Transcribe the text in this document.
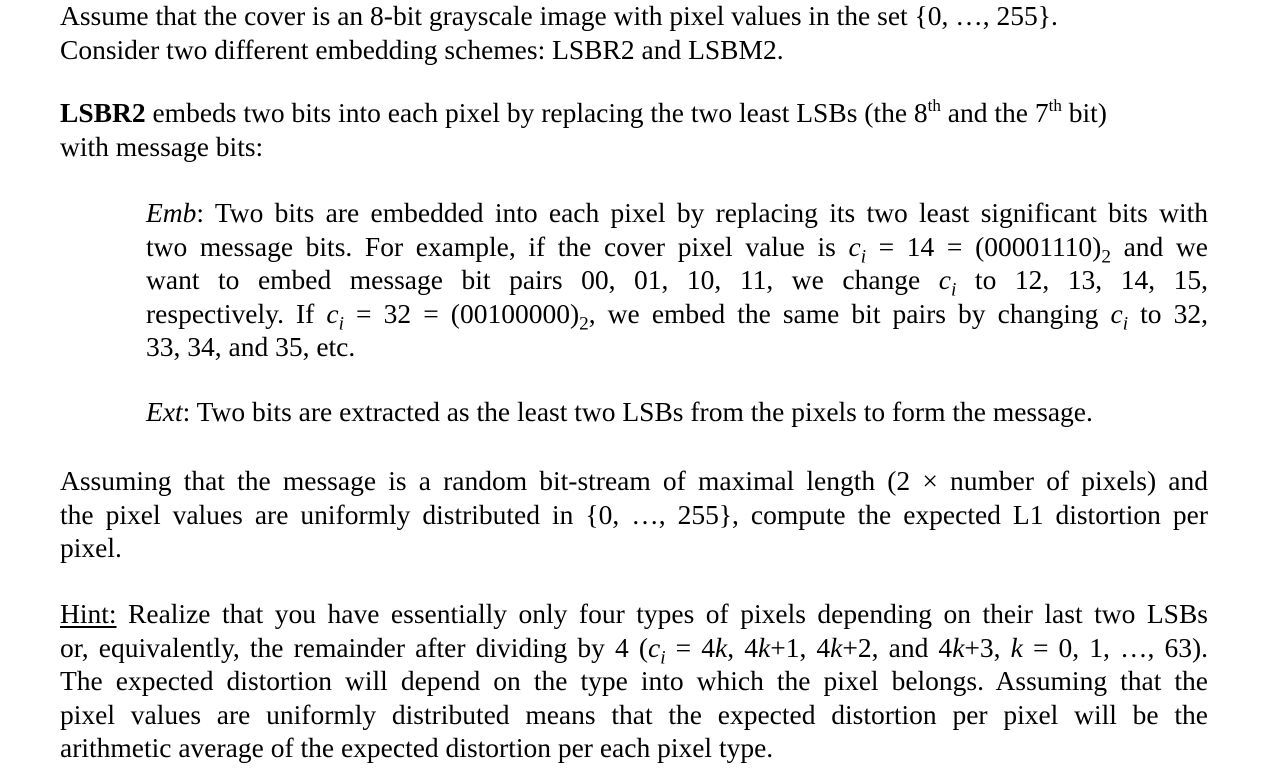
Assume that the cover is an 8-bit grayscale image with pixel values in the set {0, …, 255}.
Consider two different embedding schemes: LSBR2 and LSBM2.
LSBR2 embeds two bits into each pixel by replacing the two least LSBs (the 8th and the 7th bit)
with message bits:
Emb: Two bits are embedded into each pixel by replacing its two least significant bits with
two message bits. For example, if the cover pixel value is $c_i = 14 = (00001110)_2$ and we
want to embed message bit pairs 00, 01, 10, 11, we change $c_i$ to 12, 13, 14, 15,
respectively. If $c_i = 32 = (00100000)_2$, we embed the same bit pairs by changing $c_i$ to 32,
33, 34, and 35, etc.
Ext: Two bits are extracted as the least two LSBs from the pixels to form the message.
Assuming that the message is a random bit-stream of maximal length (2 × number of pixels) and
the pixel values are uniformly distributed in {0, …, 255}, compute the expected L1 distortion per
pixel.
Hint: Realize that you have essentially only four types of pixels depending on their last two LSBs
or, equivalently, the remainder after dividing by 4 ($c_i = 4k$, 4k+1, 4k+2, and 4k+3, k = 0, 1, …, 63).
The expected distortion will depend on the type into which the pixel belongs. Assuming that the
pixel values are uniformly distributed means that the expected distortion per pixel will be the
arithmetic average of the expected distortion per each pixel type.
